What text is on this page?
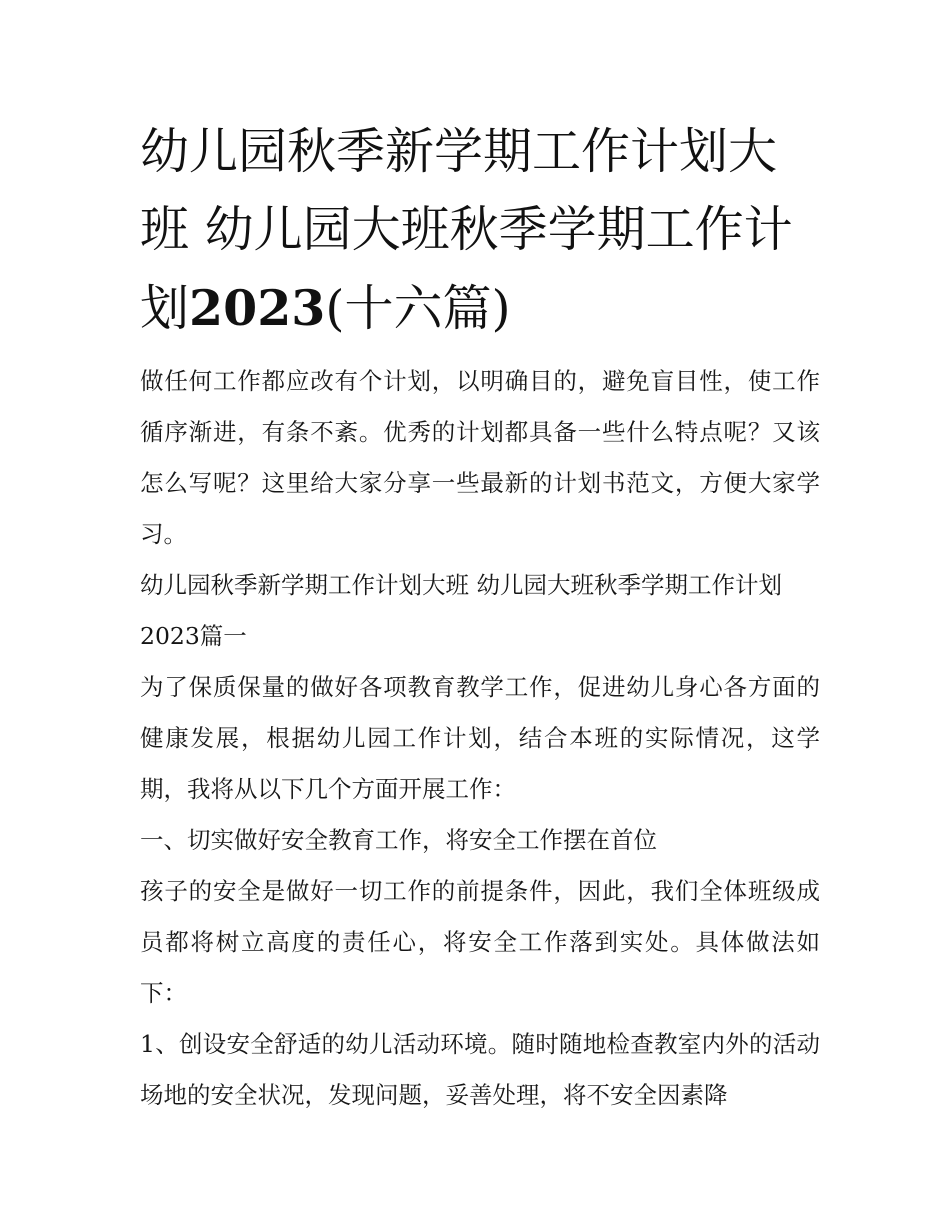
幼儿园秋季新学期工作计划大班 幼儿园大班秋季学期工作计划2023(十六篇)

做任何工作都应改有个计划，以明确目的，避免盲目性，使工作循序渐进，有条不紊。优秀的计划都具备一些什么特点呢？又该怎么写呢？这里给大家分享一些最新的计划书范文，方便大家学习。

幼儿园秋季新学期工作计划大班 幼儿园大班秋季学期工作计划2023篇一

为了保质保量的做好各项教育教学工作，促进幼儿身心各方面的健康发展，根据幼儿园工作计划，结合本班的实际情况，这学期，我将从以下几个方面开展工作：

一、切实做好安全教育工作，将安全工作摆在首位

孩子的安全是做好一切工作的前提条件，因此，我们全体班级成员都将树立高度的责任心，将安全工作落到实处。具体做法如下：

1、创设安全舒适的幼儿活动环境。随时随地检查教室内外的活动场地的安全状况，发现问题，妥善处理，将不安全因素降
